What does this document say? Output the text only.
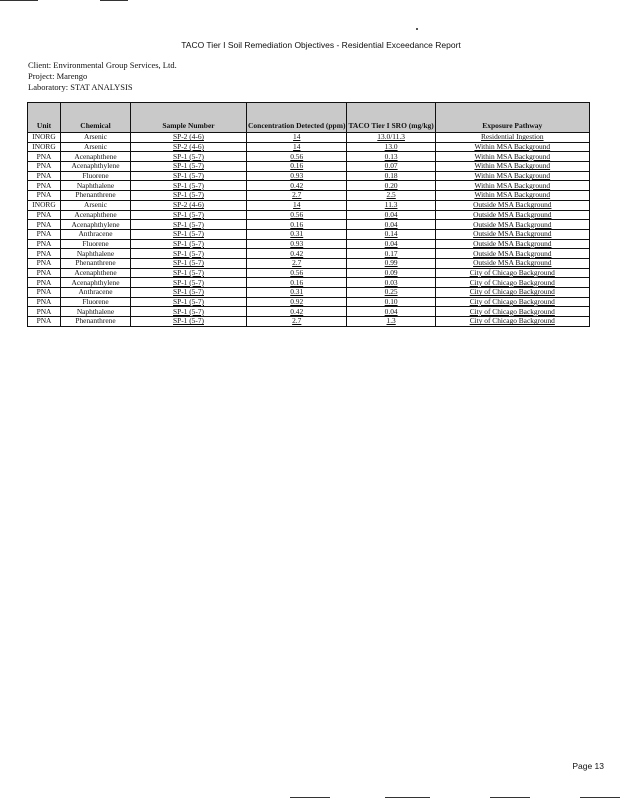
TACO Tier I Soil Remediation Objectives - Residential Exceedance Report
Client: Environmental Group Services, Ltd.
Project: Marengo
Laboratory: STAT ANALYSIS
Unit	Chemical	Sample Number	Concentration Detected (ppm)	TACO Tier I SRO (mg/kg)	Exposure Pathway
INORG	Arsenic	SP-2 (4-6)	14	13.0/11.3	Residential Ingestion
INORG	Arsenic	SP-2 (4-6)	14	13.0	Within MSA Background
PNA	Acenaphthene	SP-1 (5-7)	0.56	0.13	Within MSA Background
PNA	Acenaphthylene	SP-1 (5-7)	0.16	0.07	Within MSA Background
PNA	Fluorene	SP-1 (5-7)	0.93	0.18	Within MSA Background
PNA	Naphthalene	SP-1 (5-7)	0.42	0.20	Within MSA Background
PNA	Phenanthrene	SP-1 (5-7)	2.7	2.5	Within MSA Background
INORG	Arsenic	SP-2 (4-6)	14	11.3	Outside MSA Background
PNA	Acenaphthene	SP-1 (5-7)	0.56	0.04	Outside MSA Background
PNA	Acenaphthylene	SP-1 (5-7)	0.16	0.04	Outside MSA Background
PNA	Anthracene	SP-1 (5-7)	0.31	0.14	Outside MSA Background
PNA	Fluorene	SP-1 (5-7)	0.93	0.04	Outside MSA Background
PNA	Naphthalene	SP-1 (5-7)	0.42	0.17	Outside MSA Background
PNA	Phenanthrene	SP-1 (5-7)	2.7	0.99	Outside MSA Background
PNA	Acenaphthene	SP-1 (5-7)	0.56	0.09	City of Chicago Background
PNA	Acenaphthylene	SP-1 (5-7)	0.16	0.03	City of Chicago Background
PNA	Anthracene	SP-1 (5-7)	0.31	0.25	City of Chicago Background
PNA	Fluorene	SP-1 (5-7)	0.92	0.10	City of Chicago Background
PNA	Naphthalene	SP-1 (5-7)	0.42	0.04	City of Chicago Background
PNA	Phenanthrene	SP-1 (5-7)	2.7	1.3	City of Chicago Background
Page 13
